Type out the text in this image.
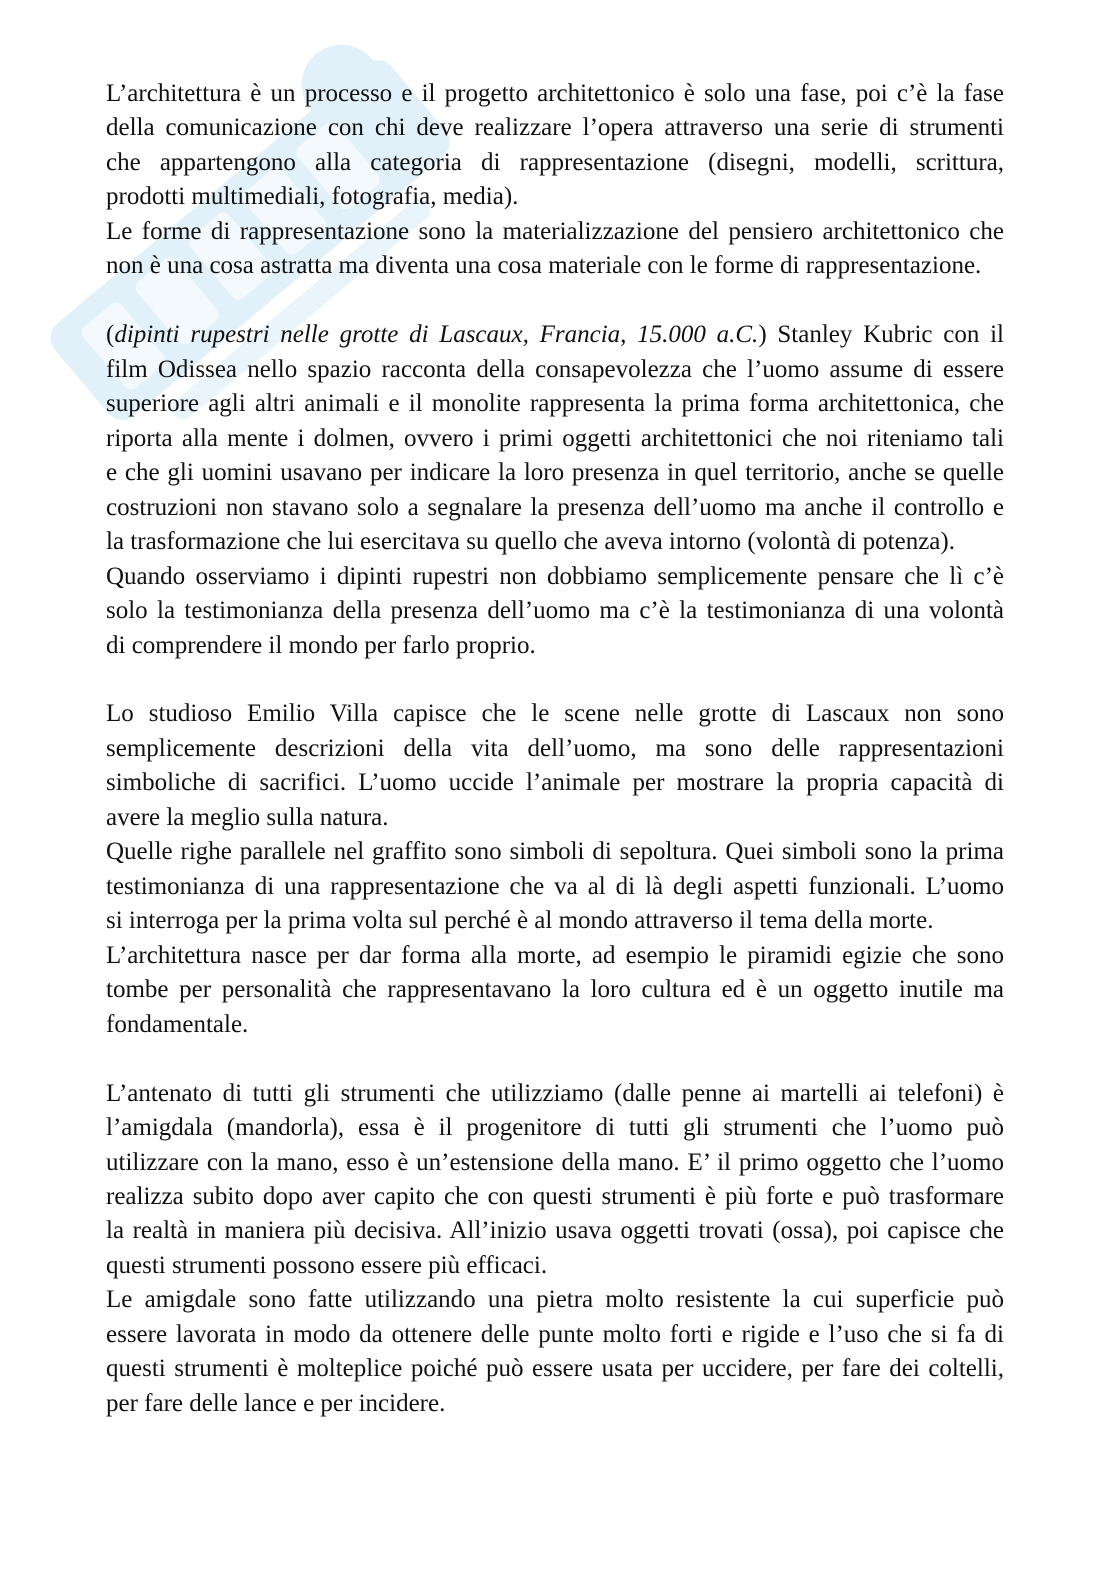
L’architettura è un processo e il progetto architettonico è solo una fase, poi c’è la fase
della comunicazione con chi deve realizzare l’opera attraverso una serie di strumenti
che appartengono alla categoria di rappresentazione (disegni, modelli, scrittura,
prodotti multimediali, fotografia, media).
Le forme di rappresentazione sono la materializzazione del pensiero architettonico che
non è una cosa astratta ma diventa una cosa materiale con le forme di rappresentazione.
(dipinti rupestri nelle grotte di Lascaux, Francia, 15.000 a.C.) Stanley Kubric con il
film Odissea nello spazio racconta della consapevolezza che l’uomo assume di essere
superiore agli altri animali e il monolite rappresenta la prima forma architettonica, che
riporta alla mente i dolmen, ovvero i primi oggetti architettonici che noi riteniamo tali
e che gli uomini usavano per indicare la loro presenza in quel territorio, anche se quelle
costruzioni non stavano solo a segnalare la presenza dell’uomo ma anche il controllo e
la trasformazione che lui esercitava su quello che aveva intorno (volontà di potenza).
Quando osserviamo i dipinti rupestri non dobbiamo semplicemente pensare che lì c’è
solo la testimonianza della presenza dell’uomo ma c’è la testimonianza di una volontà
di comprendere il mondo per farlo proprio.
Lo studioso Emilio Villa capisce che le scene nelle grotte di Lascaux non sono
semplicemente descrizioni della vita dell’uomo, ma sono delle rappresentazioni
simboliche di sacrifici. L’uomo uccide l’animale per mostrare la propria capacità di
avere la meglio sulla natura.
Quelle righe parallele nel graffito sono simboli di sepoltura. Quei simboli sono la prima
testimonianza di una rappresentazione che va al di là degli aspetti funzionali. L’uomo
si interroga per la prima volta sul perché è al mondo attraverso il tema della morte.
L’architettura nasce per dar forma alla morte, ad esempio le piramidi egizie che sono
tombe per personalità che rappresentavano la loro cultura ed è un oggetto inutile ma
fondamentale.
L’antenato di tutti gli strumenti che utilizziamo (dalle penne ai martelli ai telefoni) è
l’amigdala (mandorla), essa è il progenitore di tutti gli strumenti che l’uomo può
utilizzare con la mano, esso è un’estensione della mano. E’ il primo oggetto che l’uomo
realizza subito dopo aver capito che con questi strumenti è più forte e può trasformare
la realtà in maniera più decisiva. All’inizio usava oggetti trovati (ossa), poi capisce che
questi strumenti possono essere più efficaci.
Le amigdale sono fatte utilizzando una pietra molto resistente la cui superficie può
essere lavorata in modo da ottenere delle punte molto forti e rigide e l’uso che si fa di
questi strumenti è molteplice poiché può essere usata per uccidere, per fare dei coltelli,
per fare delle lance e per incidere.
